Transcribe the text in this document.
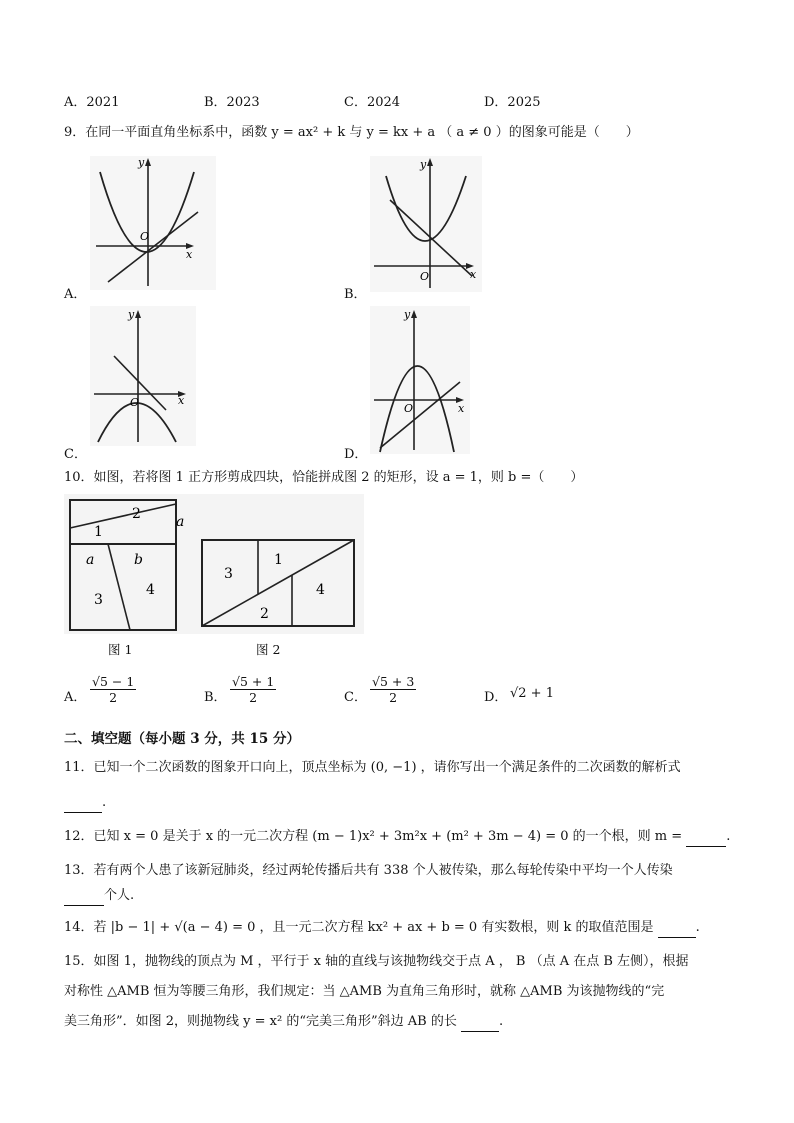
A．2021	B．2023	C．2024	D．2025
9．在同一平面直角坐标系中，函数 y = ax² + k 与 y = kx + a （ a ≠ 0 ）的图象可能是（　　）
y
x
O
A．
y
x
O
B．
y
x
O
C．
y
x
O
D．
10．如图，若将图 1 正方形剪成四块，恰能拼成图 2 的矩形，设 a = 1，则 b =（　　）
1
2	a
a	b
3
4
3
1
4
2
图 1	图 2
A． $\frac{√5 - 1}{2}$	B． $\frac{√5 + 1}{2}$	C． $\frac{√5 + 3}{2}$	D． √2 + 1
二、填空题（每小题 3 分，共 15 分）
11．已知一个二次函数的图象开口向上，顶点坐标为 (0, −1) ，请你写出一个满足条件的二次函数的解析式
.
12．已知 x = 0 是关于 x 的一元二次方程 (m − 1)x² + 3m²x + (m² + 3m − 4) = 0 的一个根，则 m =	.
13．若有两个人患了该新冠肺炎，经过两轮传播后共有 338 个人被传染，那么每轮传染中平均一个人传染
个人.
14．若 |b − 1| + √(a − 4) = 0 ，且一元二次方程 kx² + ax + b = 0 有实数根，则 k 的取值范围是	.
15．如图 1，抛物线的顶点为 M ，平行于 x 轴的直线与该抛物线交于点 A ， B （点 A 在点 B 左侧），根据
对称性 △AMB 恒为等腰三角形，我们规定：当 △AMB 为直角三角形时，就称 △AMB 为该抛物线的“完
美三角形”．如图 2，则抛物线 y = x² 的“完美三角形”斜边 AB 的长	.
